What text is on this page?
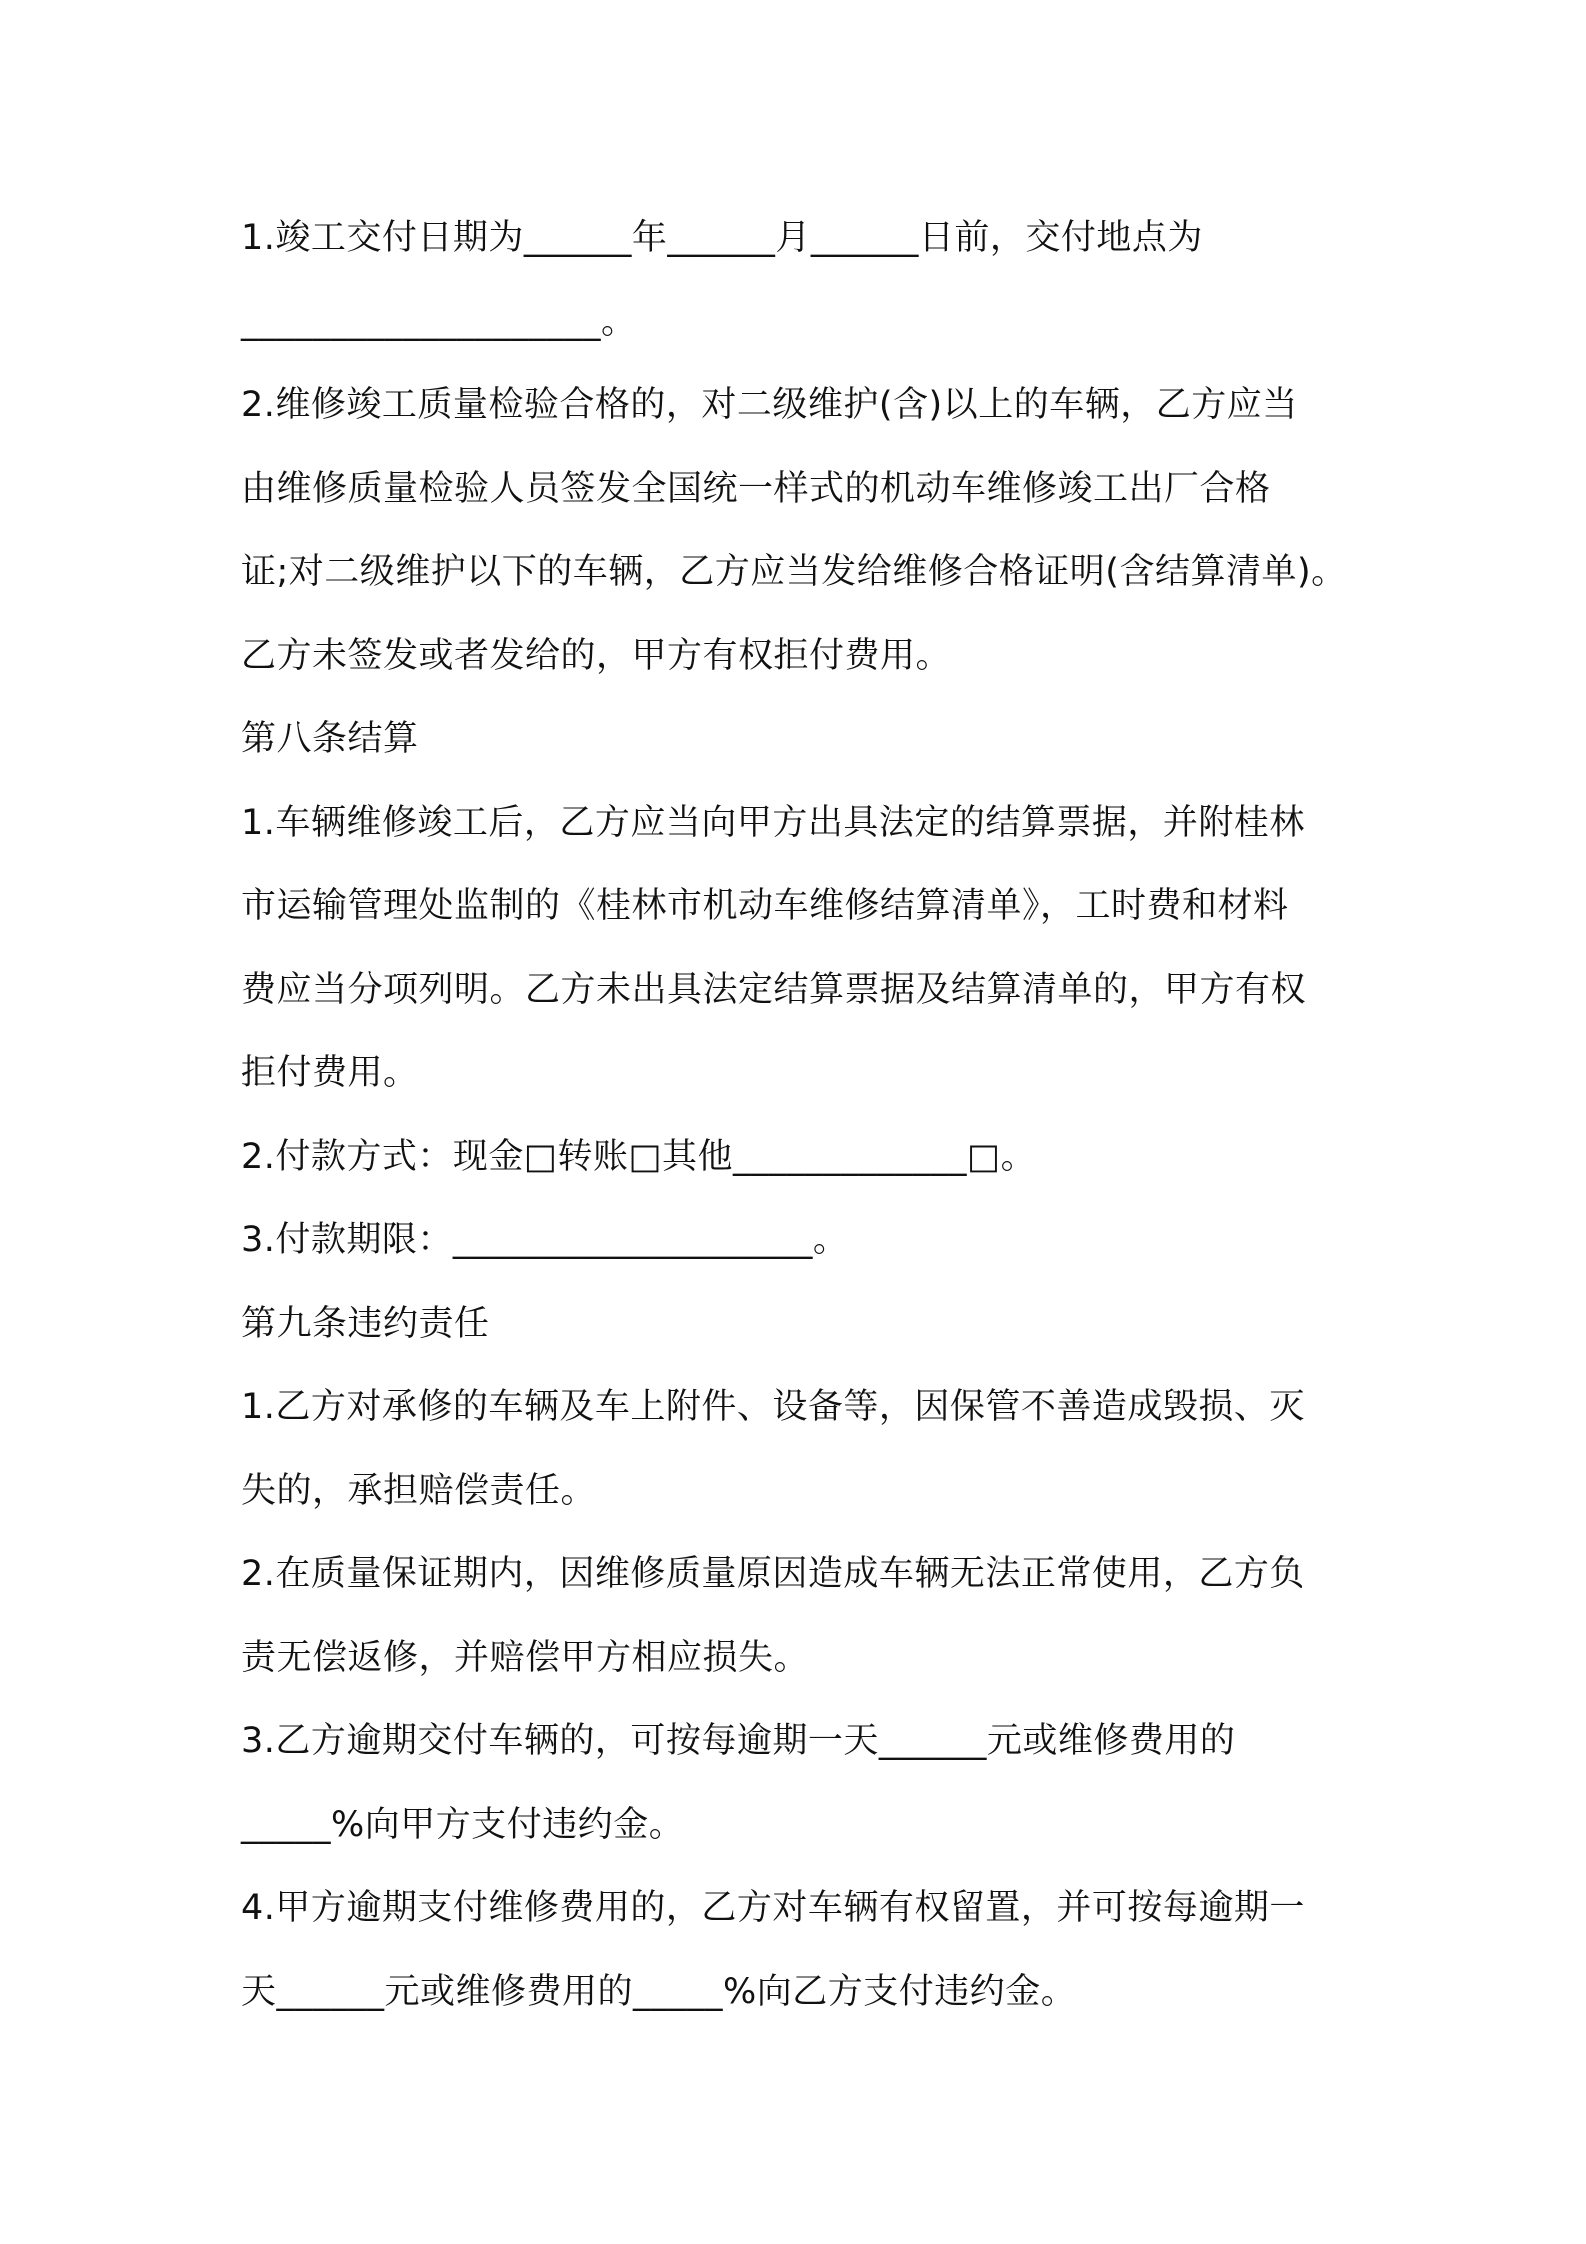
1.竣工交付日期为______年______月______日前，交付地点为
____________________。
2.维修竣工质量检验合格的，对二级维护(含)以上的车辆，乙方应当
由维修质量检验人员签发全国统一样式的机动车维修竣工出厂合格
证;对二级维护以下的车辆，乙方应当发给维修合格证明(含结算清单)。
乙方未签发或者发给的，甲方有权拒付费用。
第八条结算
1.车辆维修竣工后，乙方应当向甲方出具法定的结算票据，并附桂林
市运输管理处监制的《桂林市机动车维修结算清单》，工时费和材料
费应当分项列明。乙方未出具法定结算票据及结算清单的，甲方有权
拒付费用。
2.付款方式：现金□转账□其他_____________□。
3.付款期限：____________________。
第九条违约责任
1.乙方对承修的车辆及车上附件、设备等，因保管不善造成毁损、灭
失的，承担赔偿责任。
2.在质量保证期内，因维修质量原因造成车辆无法正常使用，乙方负
责无偿返修，并赔偿甲方相应损失。
3.乙方逾期交付车辆的，可按每逾期一天______元或维修费用的
_____%向甲方支付违约金。
4.甲方逾期支付维修费用的，乙方对车辆有权留置，并可按每逾期一
天______元或维修费用的_____%向乙方支付违约金。
